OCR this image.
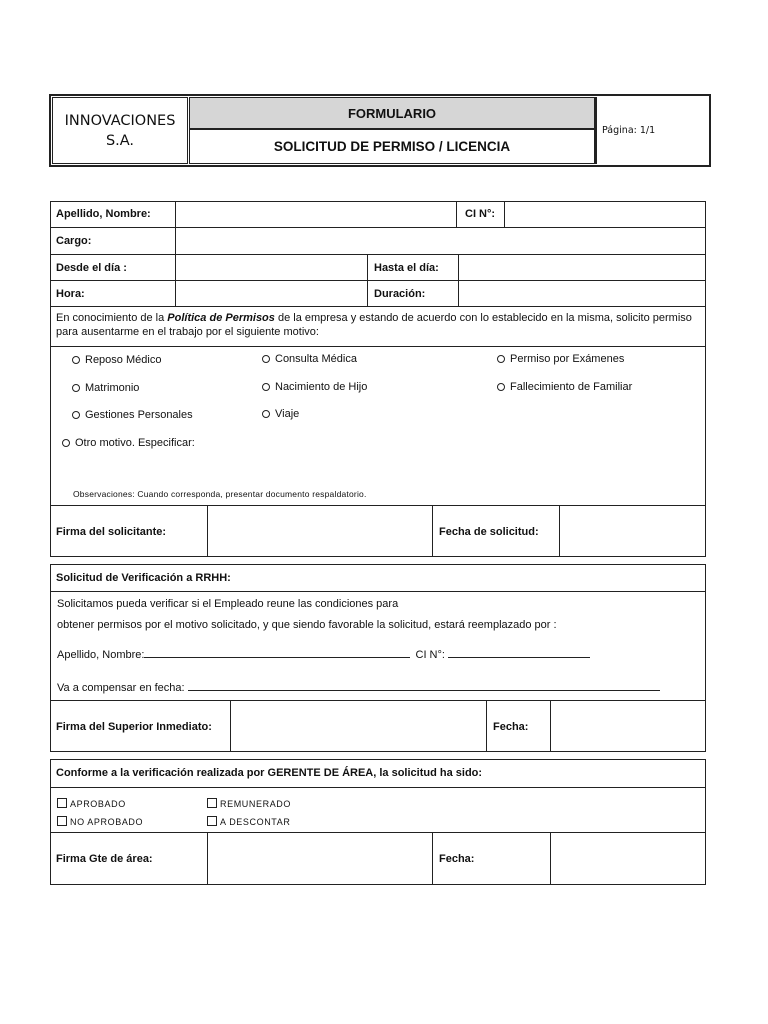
INNOVACIONES S.A.
FORMULARIO
SOLICITUD DE PERMISO / LICENCIA
Página: 1/1
Apellido, Nombre:	CI N°:
Cargo:
Desde el día :	Hasta el día:
Hora:	Duración:
En conocimiento de la Política de Permisos de la empresa y estando de acuerdo con lo establecido en la misma, solicito permiso para ausentarme en el trabajo por el siguiente motivo:
Reposo Médico	Consulta Médica	Permiso por Exámenes
Matrimonio	Nacimiento de Hijo	Fallecimiento de Familiar
Gestiones Personales	Viaje
Otro motivo. Especificar:
Observaciones: Cuando corresponda, presentar documento respaldatorio.
Firma del solicitante:	Fecha de solicitud:
Solicitud de Verificación a RRHH:
Solicitamos pueda verificar si el Empleado reune las condiciones para
obtener permisos por el motivo solicitado, y que siendo favorable la solicitud, estará reemplazado por :
Apellido, Nombre:	CI N°:
Va a compensar en fecha:
Firma del Superior Inmediato:	Fecha:
Conforme a la verificación realizada por GERENTE DE ÁREA, la solicitud ha sido:
APROBADO	REMUNERADO
NO APROBADO	A DESCONTAR
Firma Gte de área:	Fecha:
